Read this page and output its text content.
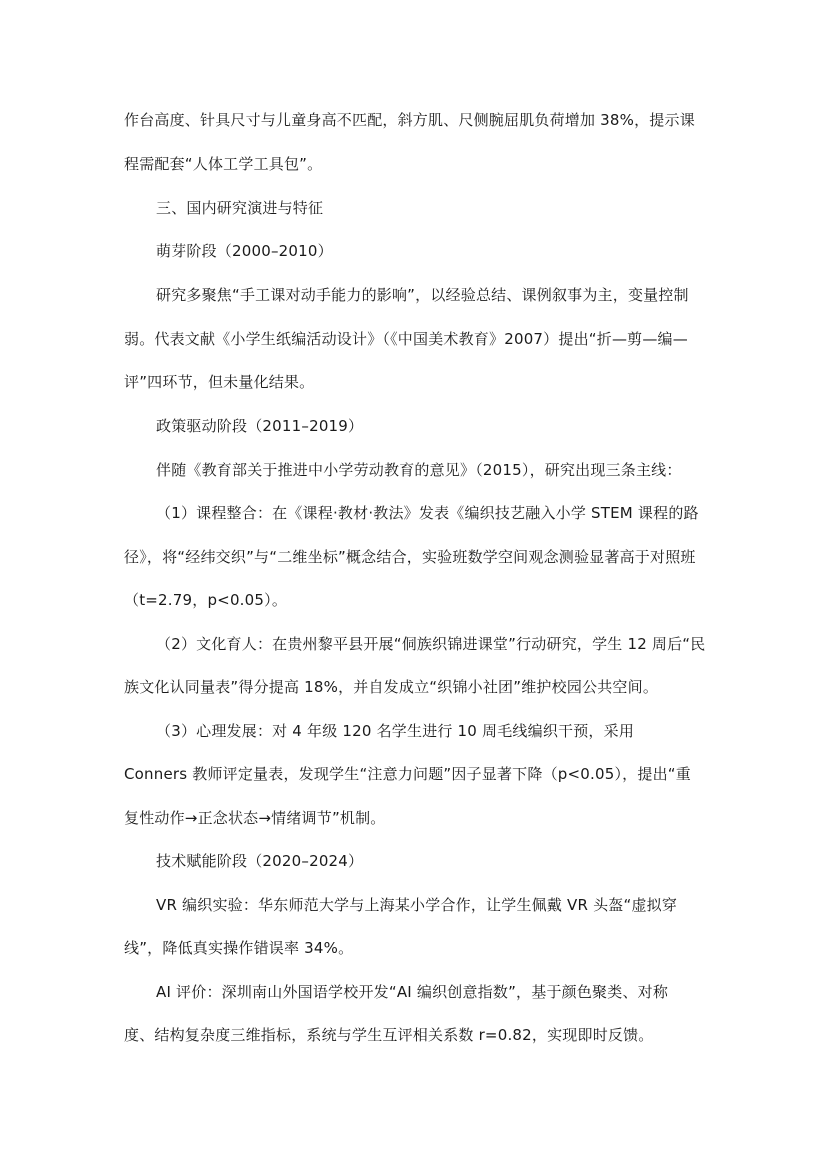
作台高度、针具尺寸与儿童身高不匹配，斜方肌、尺侧腕屈肌负荷增加 38%，提示课
程需配套“人体工学工具包”。
三、国内研究演进与特征
萌芽阶段（2000–2010）
研究多聚焦“手工课对动手能力的影响”，以经验总结、课例叙事为主，变量控制
弱。代表文献《小学生纸编活动设计》（《中国美术教育》2007）提出“折—剪—编—
评”四环节，但未量化结果。
政策驱动阶段（2011–2019）
伴随《教育部关于推进中小学劳动教育的意见》（2015），研究出现三条主线：
（1）课程整合：在《课程·教材·教法》发表《编织技艺融入小学 STEM 课程的路
径》，将“经纬交织”与“二维坐标”概念结合，实验班数学空间观念测验显著高于对照班
（t=2.79，p<0.05）。
（2）文化育人：在贵州黎平县开展“侗族织锦进课堂”行动研究，学生 12 周后“民
族文化认同量表”得分提高 18%，并自发成立“织锦小社团”维护校园公共空间。
（3）心理发展：对 4 年级 120 名学生进行 10 周毛线编织干预，采用
Conners 教师评定量表，发现学生“注意力问题”因子显著下降（p<0.05），提出“重
复性动作→正念状态→情绪调节”机制。
技术赋能阶段（2020–2024）
VR 编织实验：华东师范大学与上海某小学合作，让学生佩戴 VR 头盔“虚拟穿
线”，降低真实操作错误率 34%。
AI 评价：深圳南山外国语学校开发“AI 编织创意指数”，基于颜色聚类、对称
度、结构复杂度三维指标，系统与学生互评相关系数 r=0.82，实现即时反馈。
